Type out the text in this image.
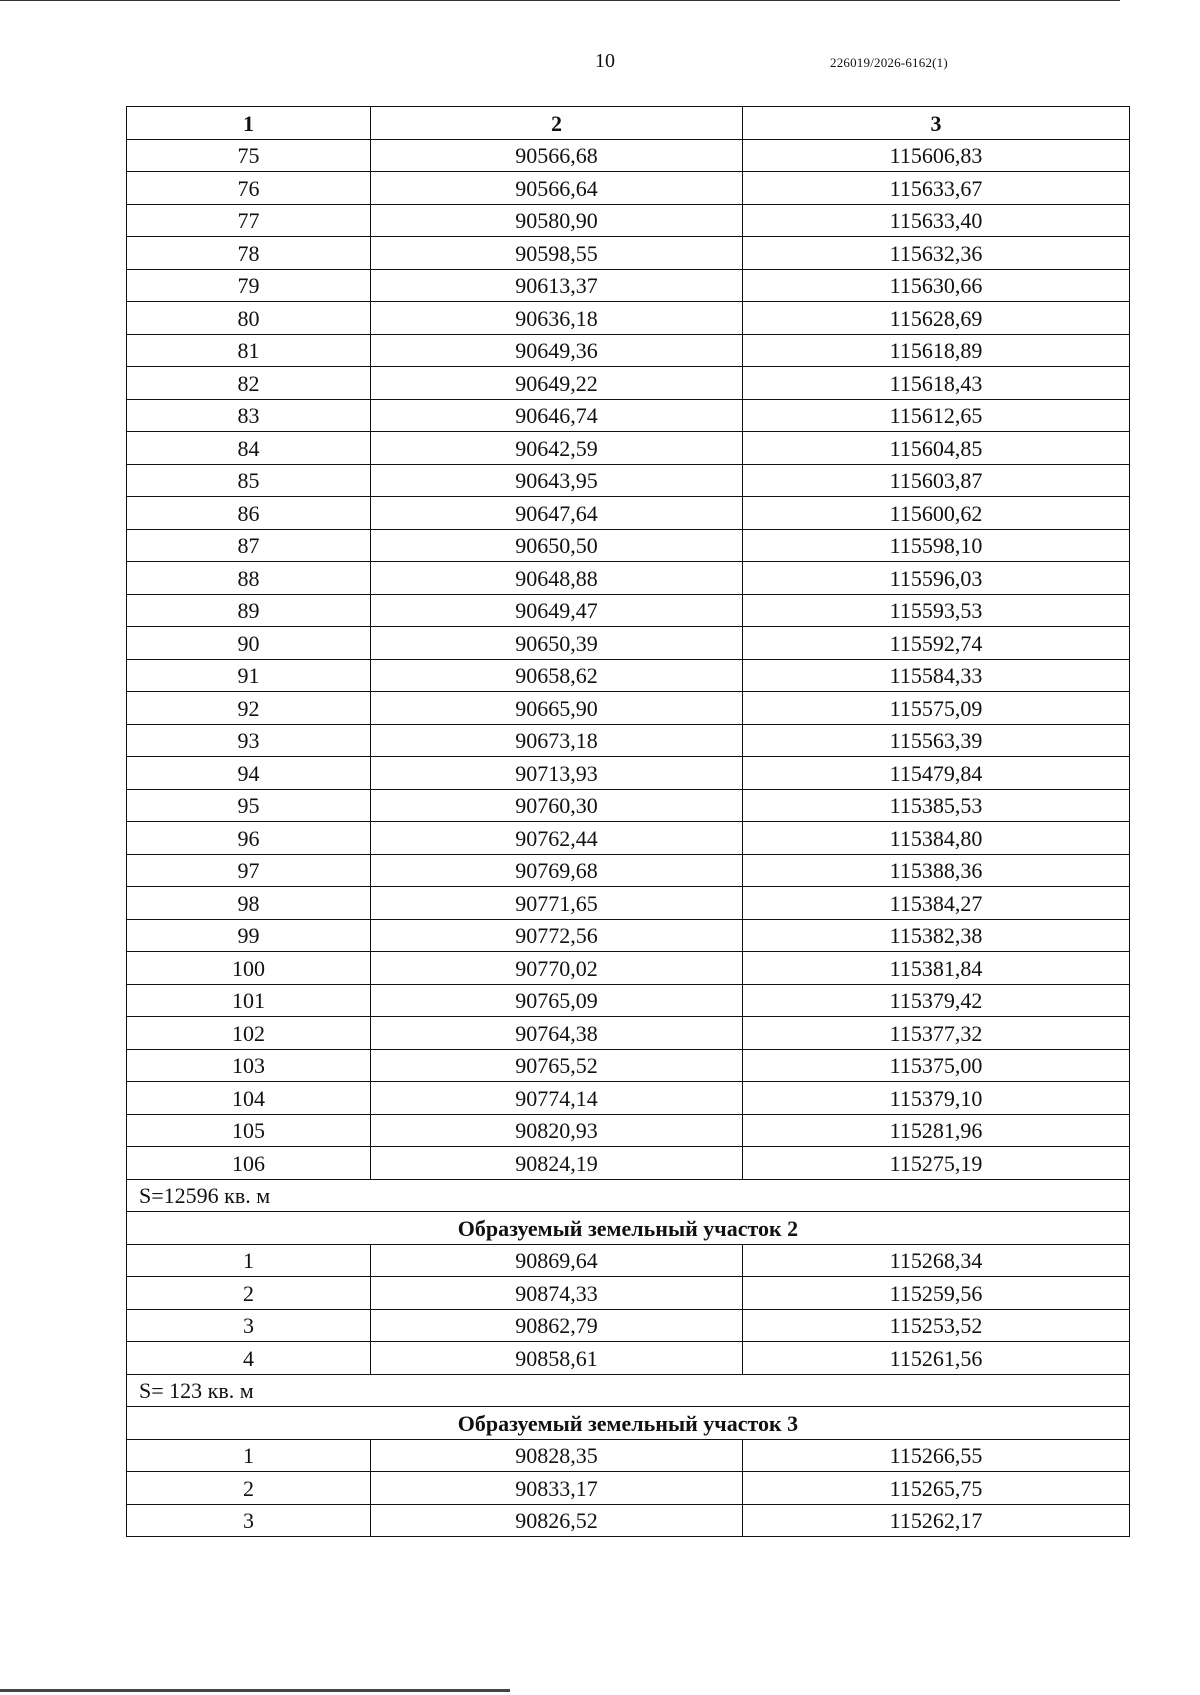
10	226019/2026-6162(1)
1	2	3
75	90566,68	115606,83
76	90566,64	115633,67
77	90580,90	115633,40
78	90598,55	115632,36
79	90613,37	115630,66
80	90636,18	115628,69
81	90649,36	115618,89
82	90649,22	115618,43
83	90646,74	115612,65
84	90642,59	115604,85
85	90643,95	115603,87
86	90647,64	115600,62
87	90650,50	115598,10
88	90648,88	115596,03
89	90649,47	115593,53
90	90650,39	115592,74
91	90658,62	115584,33
92	90665,90	115575,09
93	90673,18	115563,39
94	90713,93	115479,84
95	90760,30	115385,53
96	90762,44	115384,80
97	90769,68	115388,36
98	90771,65	115384,27
99	90772,56	115382,38
100	90770,02	115381,84
101	90765,09	115379,42
102	90764,38	115377,32
103	90765,52	115375,00
104	90774,14	115379,10
105	90820,93	115281,96
106	90824,19	115275,19
S=12596 кв. м		
Образуемый земельный участок 2		
1	90869,64	115268,34
2	90874,33	115259,56
3	90862,79	115253,52
4	90858,61	115261,56
S= 123 кв. м		
Образуемый земельный участок 3		
1	90828,35	115266,55
2	90833,17	115265,75
3	90826,52	115262,17
